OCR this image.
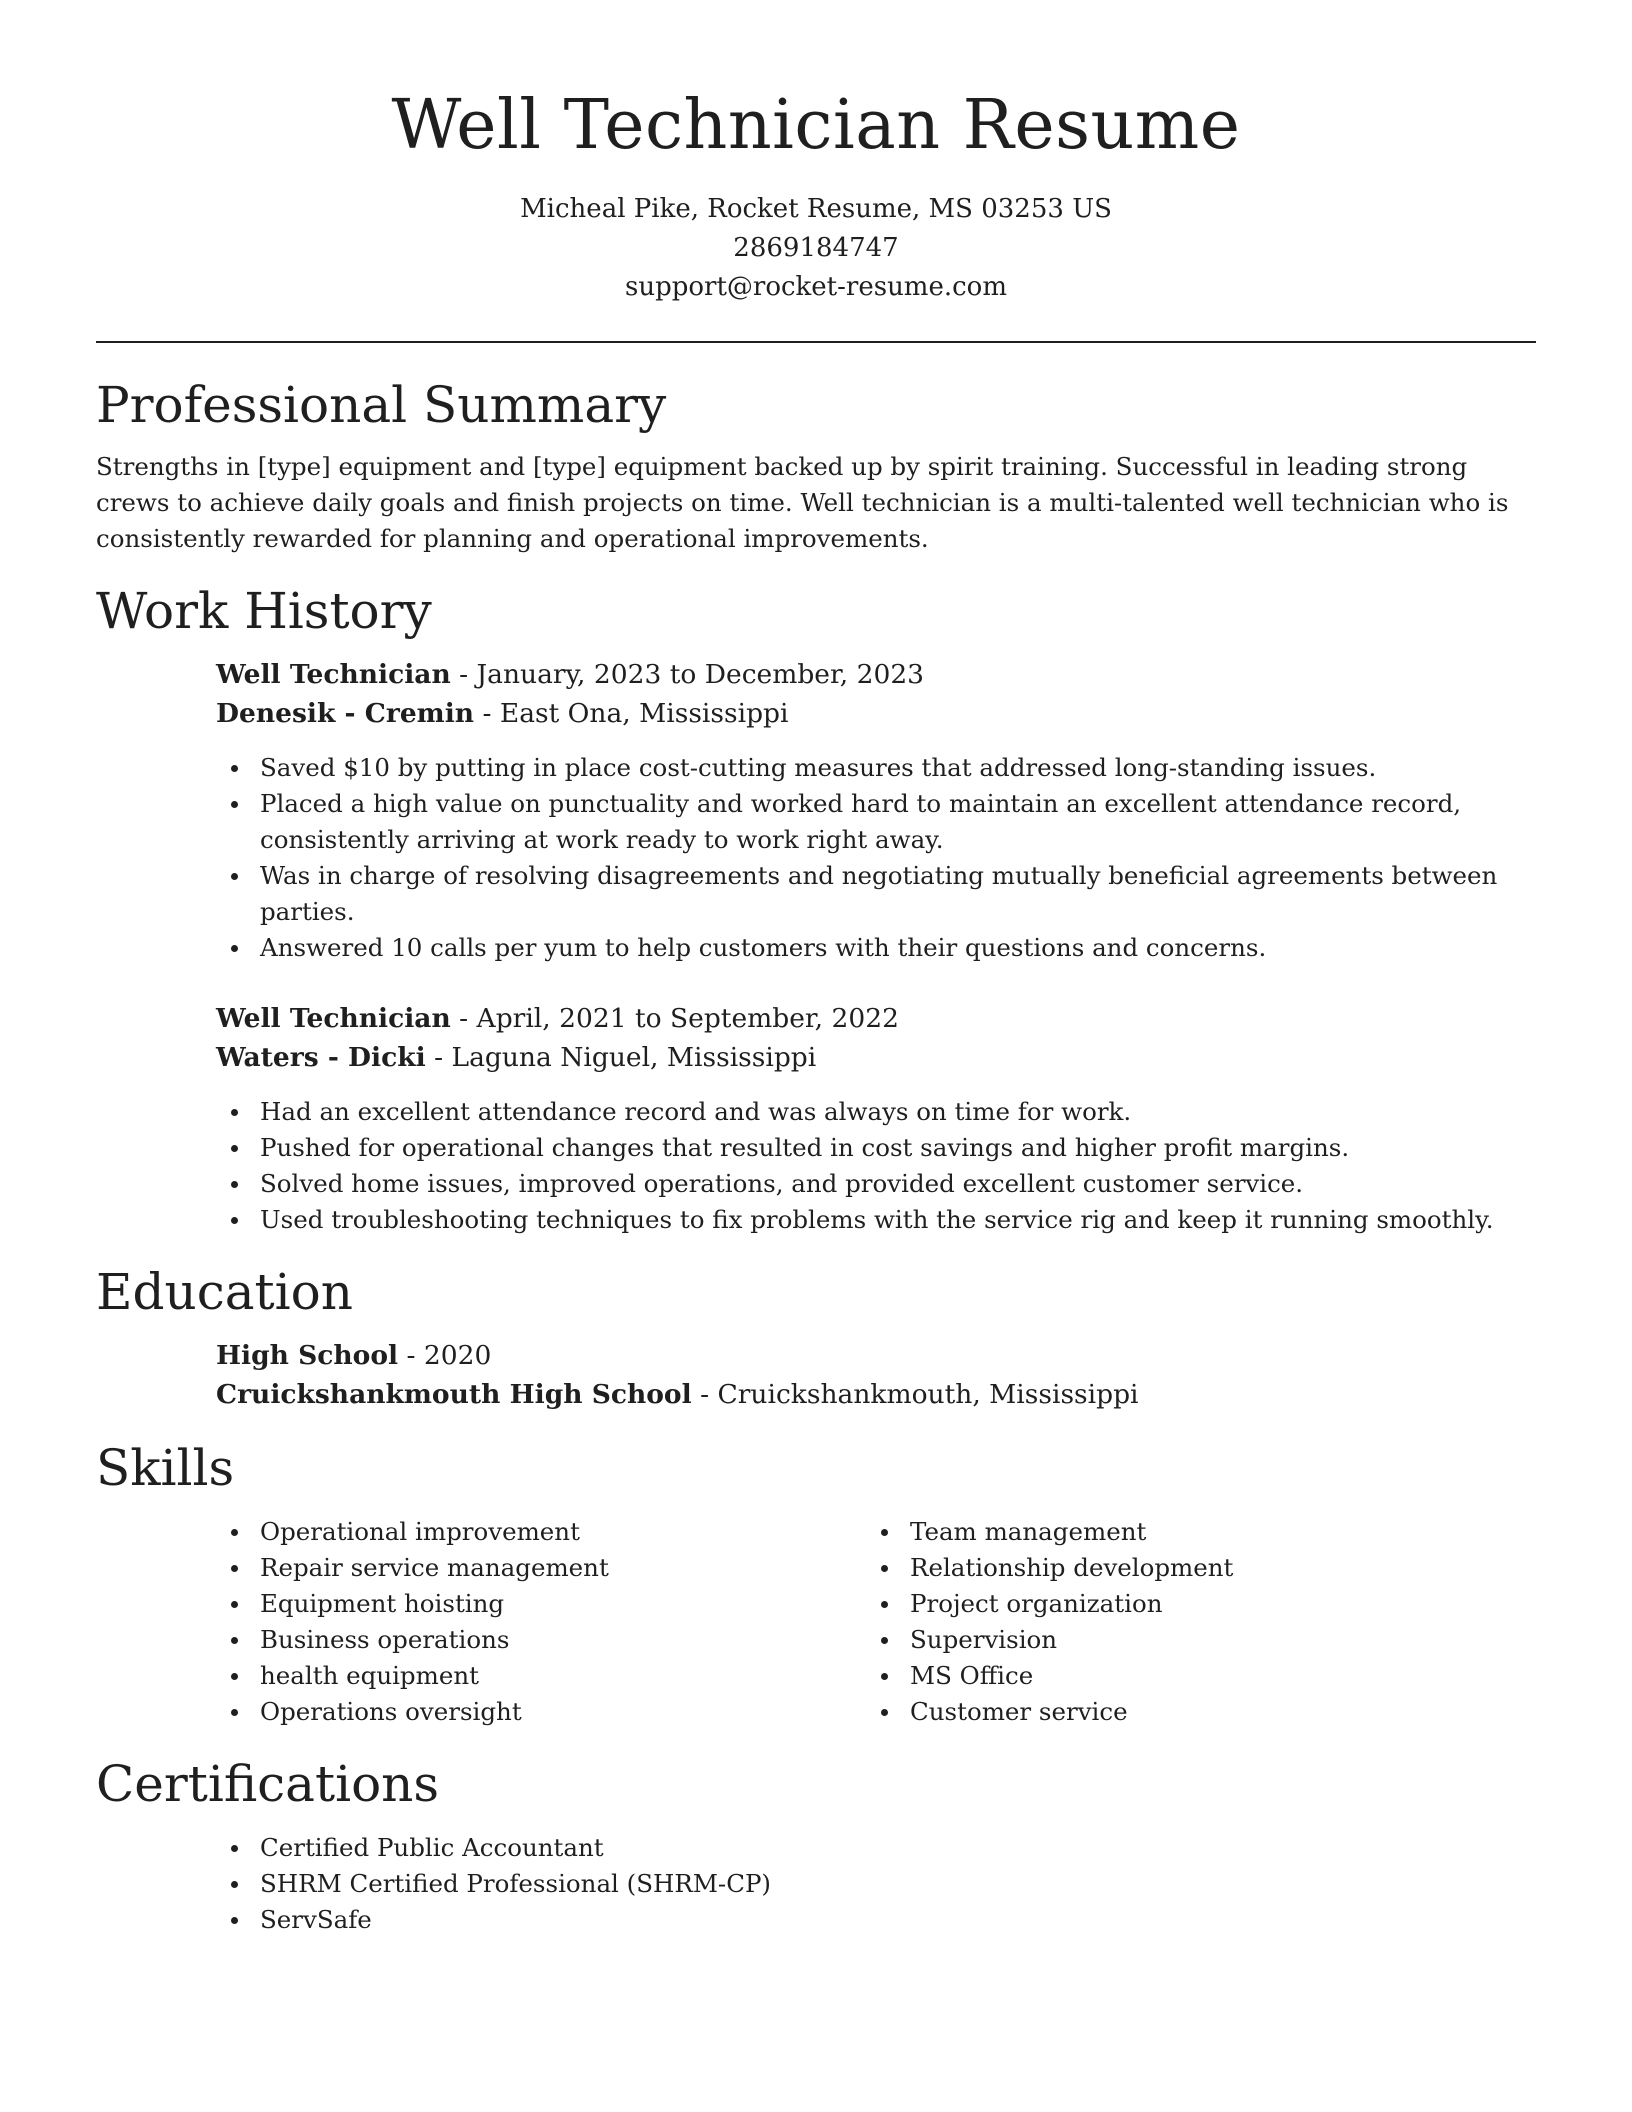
Well Technician Resume
Micheal Pike, Rocket Resume, MS 03253 US
2869184747
support@rocket-resume.com
Professional Summary

Strengths in [type] equipment and [type] equipment backed up by spirit training. Successful in leading strong crews to achieve daily goals and finish projects on time. Well technician is a multi-talented well technician who is consistently rewarded for planning and operational improvements.

Work History
Well Technician - January, 2023 to December, 2023
Denesik - Cremin - East Ona, Mississippi
Saved $10 by putting in place cost-cutting measures that addressed long-standing issues.
Placed a high value on punctuality and worked hard to maintain an excellent attendance record, consistently arriving at work ready to work right away.
Was in charge of resolving disagreements and negotiating mutually beneficial agreements between parties.
Answered 10 calls per yum to help customers with their questions and concerns.
Well Technician - April, 2021 to September, 2022
Waters - Dicki - Laguna Niguel, Mississippi
Had an excellent attendance record and was always on time for work.
Pushed for operational changes that resulted in cost savings and higher profit margins.
Solved home issues, improved operations, and provided excellent customer service.
Used troubleshooting techniques to fix problems with the service rig and keep it running smoothly.
Education
High School - 2020
Cruickshankmouth High School - Cruickshankmouth, Mississippi
Skills
Operational improvement
Repair service management
Equipment hoisting
Business operations
health equipment
Operations oversight
Team management
Relationship development
Project organization
Supervision
MS Office
Customer service
Certifications
Certified Public Accountant
SHRM Certified Professional (SHRM-CP)
ServSafe
